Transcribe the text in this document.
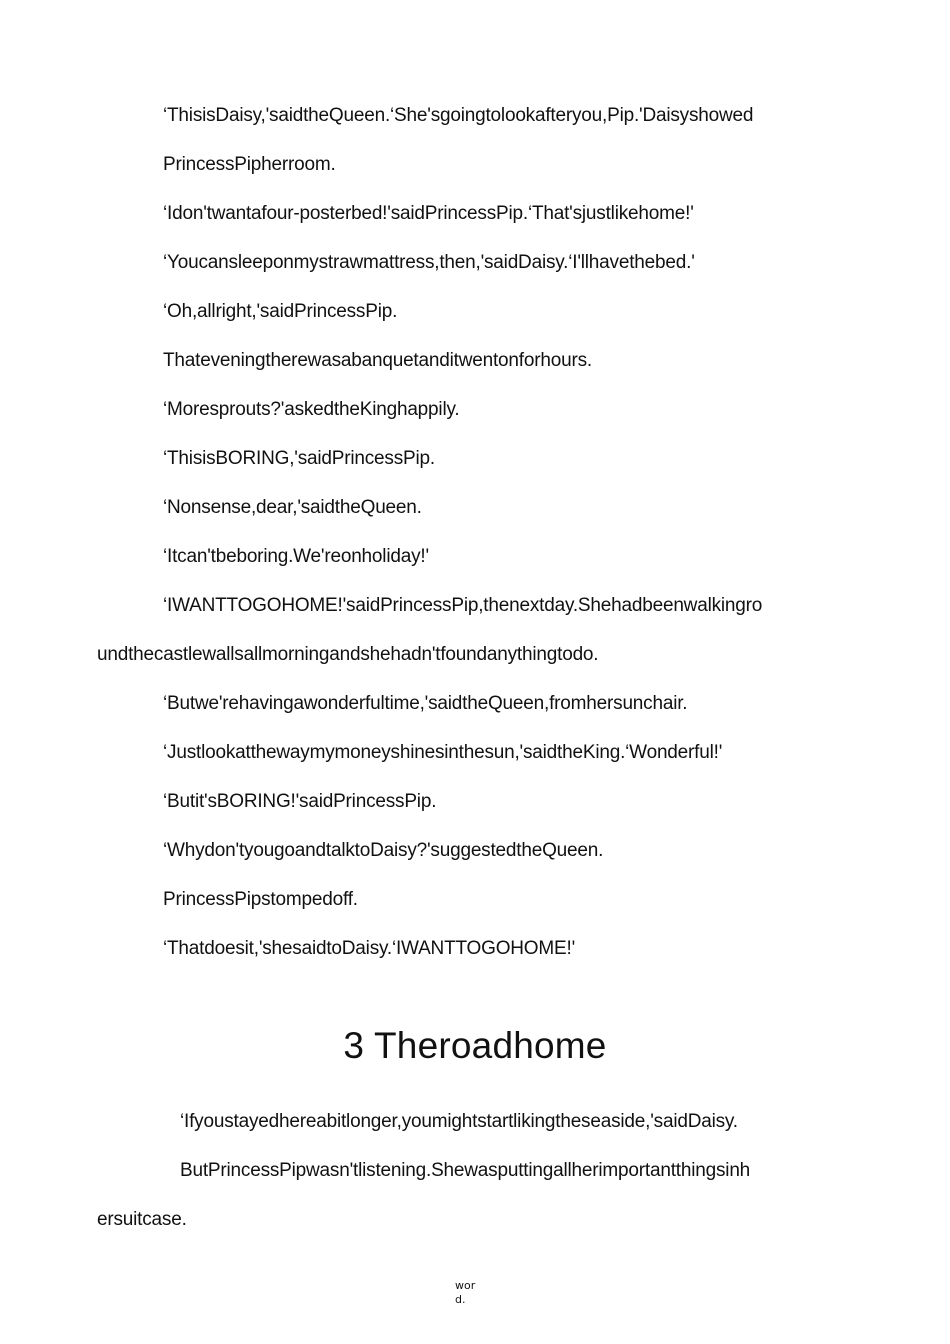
‘ThisisDaisy,'saidtheQueen.‘She'sgoingtolookafteryou,Pip.'Daisyshowed
PrincessPipherroom.
‘Idon'twantafour-posterbed!'saidPrincessPip.‘That'sjustlikehome!'
‘Youcansleeponmystrawmattress,then,'saidDaisy.‘I'llhavethebed.'
‘Oh,allright,'saidPrincessPip.
Thateveningtherewasabanquetanditwentonforhours.
‘Moresprouts?'askedtheKinghappily.
‘ThisisBORING,'saidPrincessPip.
‘Nonsense,dear,'saidtheQueen.
‘Itcan'tbeboring.We'reonholiday!'
‘IWANTTOGOHOME!'saidPrincessPip,thenextday.Shehadbeenwalkingro
undthecastlewallsallmorningandshehadn'tfoundanythingtodo.
‘Butwe'rehavingawonderfultime,'saidtheQueen,fromhersunchair.
‘Justlookatthewaymymoneyshinesinthesun,'saidtheKing.‘Wonderful!'
‘Butit'sBORING!'saidPrincessPip.
‘Whydon'tyougoandtalktoDaisy?'suggestedtheQueen.
PrincessPipstompedoff.
‘Thatdoesit,'shesaidtoDaisy.‘IWANTTOGOHOME!'
3 Theroadhome
‘Ifyoustayedhereabitlonger,youmightstartlikingtheseaside,'saidDaisy.
ButPrincessPipwasn'tlistening.Shewasputtingallherimportantthingsinh
ersuitcase.
wor
d.
